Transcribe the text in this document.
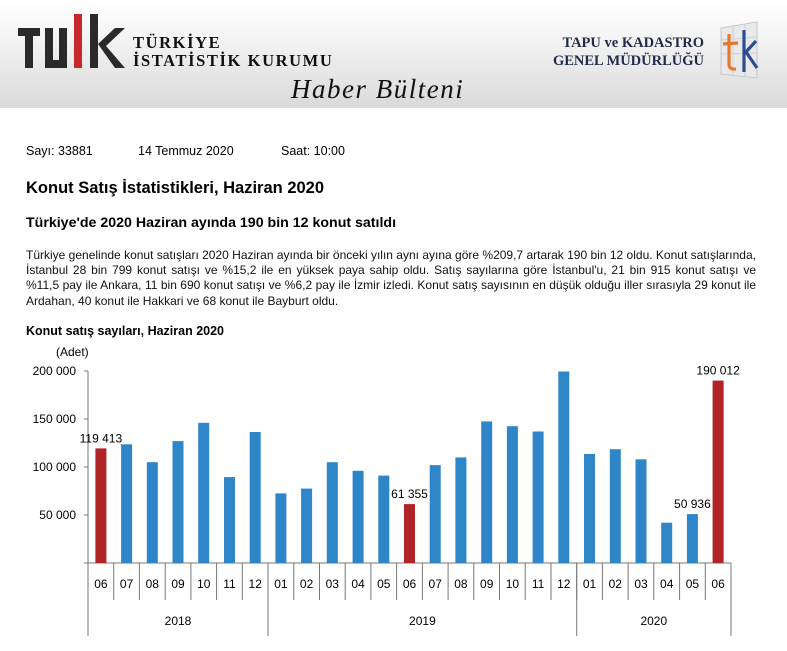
TÜRKİYE
İSTATİSTİK KURUMU
Haber Bülteni
TAPU ve KADASTRO
GENEL MÜDÜRLÜĞÜ
Sayı: 33881	14 Temmuz 2020	Saat: 10:00
Konut Satış İstatistikleri, Haziran 2020
Türkiye'de 2020 Haziran ayında 190 bin 12 konut satıldı
Türkiye genelinde konut satışları 2020 Haziran ayında bir önceki yılın aynı ayına göre %209,7 artarak 190 bin 12 oldu. Konut satışlarında, İstanbul 28 bin 799 konut satışı ve %15,2 ile en yüksek paya sahip oldu. Satış sayılarına göre İstanbul'u, 21 bin 915 konut satışı ve %11,5 pay ile Ankara, 11 bin 690 konut satışı ve %6,2 pay ile İzmir izledi. Konut satış sayısının en düşük olduğu iller sırasıyla 29 konut ile Ardahan, 40 konut ile Hakkari ve 68 konut ile Bayburt oldu.
Konut satış sayıları, Haziran 2020
(Adet)
50 000
100 000
150 000
200 000
119 413
61 355
50 936
190 012
06 07 08 09 10 11 12 01 02 03 04 05 06 07 08 09 10 11 12 01 02 03 04 05 06
2018	2019	2020
